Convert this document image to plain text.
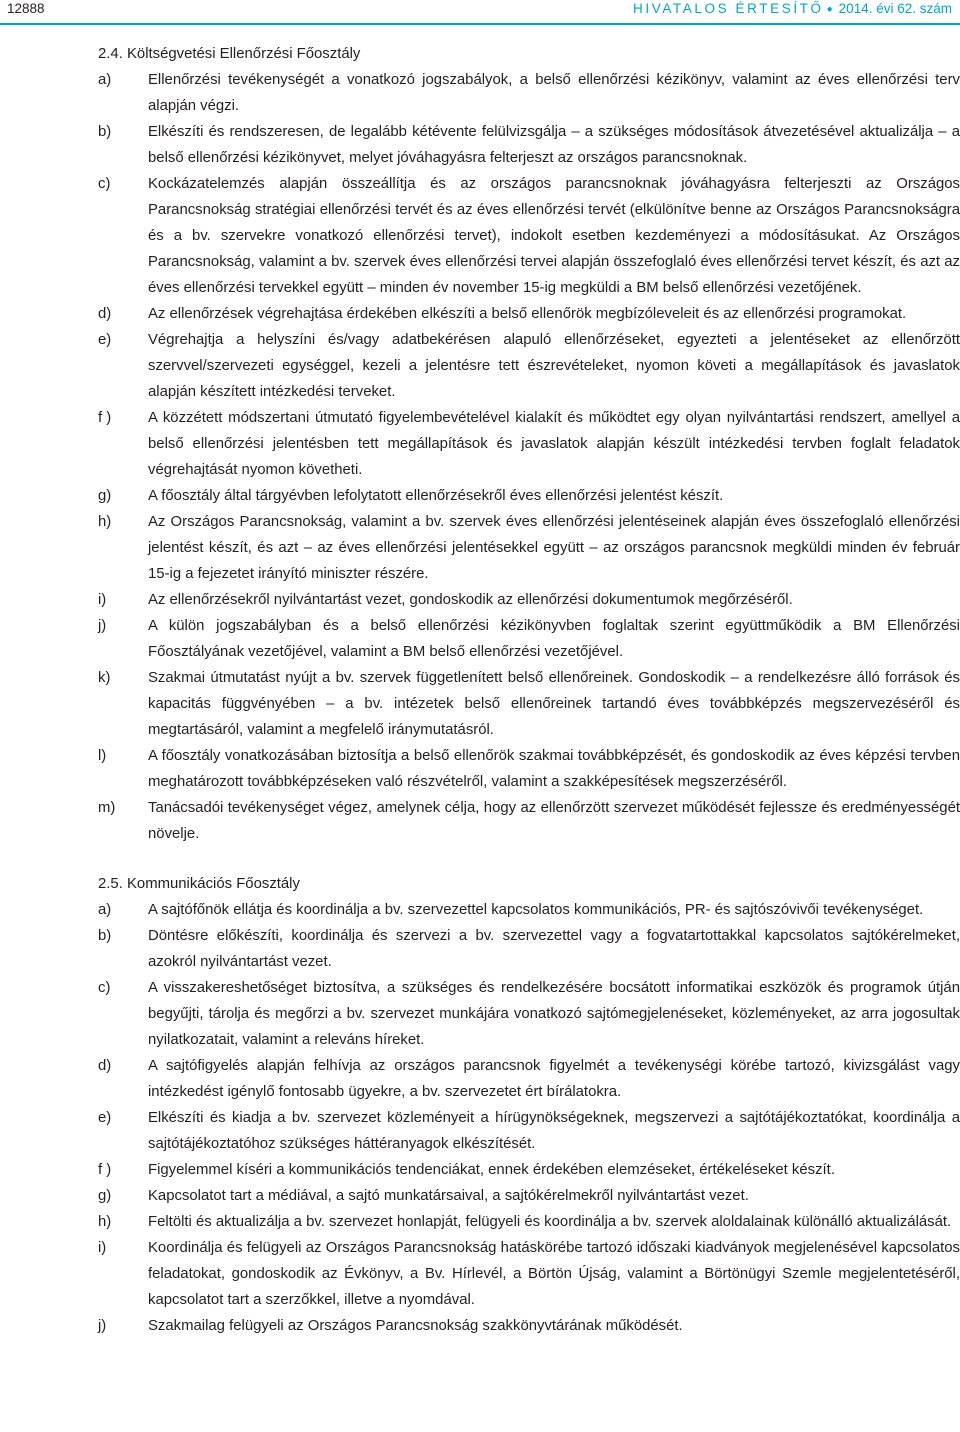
12888	HIVATALOS ÉRTESÍTŐ ● 2014. évi 62. szám
2.4. Költségvetési Ellenőrzési Főosztály
a)	Ellenőrzési tevékenységét a vonatkozó jogszabályok, a belső ellenőrzési kézikönyv, valamint az éves ellenőrzési terv alapján végzi.
b)	Elkészíti és rendszeresen, de legalább kétévente felülvizsgálja – a szükséges módosítások átvezetésével aktualizálja – a belső ellenőrzési kézikönyvet, melyet jóváhagyásra felterjeszt az országos parancsnoknak.
c)	Kockázatelemzés alapján összeállítja és az országos parancsnoknak jóváhagyásra felterjeszti az Országos Parancsnokság stratégiai ellenőrzési tervét és az éves ellenőrzési tervét (elkülönítve benne az Országos Parancsnokságra és a bv. szervekre vonatkozó ellenőrzési tervet), indokolt esetben kezdeményezi a módosításukat. Az Országos Parancsnokság, valamint a bv. szervek éves ellenőrzési tervei alapján összefoglaló éves ellenőrzési tervet készít, és azt az éves ellenőrzési tervekkel együtt – minden év november 15-ig megküldi a BM belső ellenőrzési vezetőjének.
d)	Az ellenőrzések végrehajtása érdekében elkészíti a belső ellenőrök megbízóleveleit és az ellenőrzési programokat.
e)	Végrehajtja a helyszíni és/vagy adatbekérésen alapuló ellenőrzéseket, egyezteti a jelentéseket az ellenőrzött szervvel/szervezeti egységgel, kezeli a jelentésre tett észrevételeket, nyomon követi a megállapítások és javaslatok alapján készített intézkedési terveket.
f )	A közzétett módszertani útmutató figyelembevételével kialakít és működtet egy olyan nyilvántartási rendszert, amellyel a belső ellenőrzési jelentésben tett megállapítások és javaslatok alapján készült intézkedési tervben foglalt feladatok végrehajtását nyomon követheti.
g)	A főosztály által tárgyévben lefolytatott ellenőrzésekről éves ellenőrzési jelentést készít.
h)	Az Országos Parancsnokság, valamint a bv. szervek éves ellenőrzési jelentéseinek alapján éves összefoglaló ellenőrzési jelentést készít, és azt – az éves ellenőrzési jelentésekkel együtt – az országos parancsnok megküldi minden év február 15-ig a fejezetet irányító miniszter részére.
i)	Az ellenőrzésekről nyilvántartást vezet, gondoskodik az ellenőrzési dokumentumok megőrzéséről.
j)	A külön jogszabályban és a belső ellenőrzési kézikönyvben foglaltak szerint együttműködik a BM Ellenőrzési Főosztályának vezetőjével, valamint a BM belső ellenőrzési vezetőjével.
k)	Szakmai útmutatást nyújt a bv. szervek függetlenített belső ellenőreinek. Gondoskodik – a rendelkezésre álló források és kapacitás függvényében – a bv. intézetek belső ellenőreinek tartandó éves továbbképzés megszervezéséről és megtartásáról, valamint a megfelelő iránymutatásról.
l)	A főosztály vonatkozásában biztosítja a belső ellenőrök szakmai továbbképzését, és gondoskodik az éves képzési tervben meghatározott továbbképzéseken való részvételről, valamint a szakképesítések megszerzéséről.
m)	Tanácsadói tevékenységet végez, amelynek célja, hogy az ellenőrzött szervezet működését fejlessze és eredményességét növelje.
2.5. Kommunikációs Főosztály
a)	A sajtófőnök ellátja és koordinálja a bv. szervezettel kapcsolatos kommunikációs, PR- és sajtószóvivői tevékenységet.
b)	Döntésre előkészíti, koordinálja és szervezi a bv. szervezettel vagy a fogvatartottakkal kapcsolatos sajtókérelmeket, azokról nyilvántartást vezet.
c)	A visszakereshetőséget biztosítva, a szükséges és rendelkezésére bocsátott informatikai eszközök és programok útján begyűjti, tárolja és megőrzi a bv. szervezet munkájára vonatkozó sajtómegjelenéseket, közleményeket, az arra jogosultak nyilatkozatait, valamint a releváns híreket.
d)	A sajtófigyelés alapján felhívja az országos parancsnok figyelmét a tevékenységi körébe tartozó, kivizsgálást vagy intézkedést igénylő fontosabb ügyekre, a bv. szervezetet ért bírálatokra.
e)	Elkészíti és kiadja a bv. szervezet közleményeit a hírügynökségeknek, megszervezi a sajtótájékoztatókat, koordinálja a sajtótájékoztatóhoz szükséges háttéranyagok elkészítését.
f )	Figyelemmel kíséri a kommunikációs tendenciákat, ennek érdekében elemzéseket, értékeléseket készít.
g)	Kapcsolatot tart a médiával, a sajtó munkatársaival, a sajtókérelmekről nyilvántartást vezet.
h)	Feltölti és aktualizálja a bv. szervezet honlapját, felügyeli és koordinálja a bv. szervek aloldalainak különálló aktualizálását.
i)	Koordinálja és felügyeli az Országos Parancsnokság hatáskörébe tartozó időszaki kiadványok megjelenésével kapcsolatos feladatokat, gondoskodik az Évkönyv, a Bv. Hírlevél, a Börtön Újság, valamint a Börtönügyi Szemle megjelentetéséről, kapcsolatot tart a szerzőkkel, illetve a nyomdával.
j)	Szakmailag felügyeli az Országos Parancsnokság szakkönyvtárának működését.
